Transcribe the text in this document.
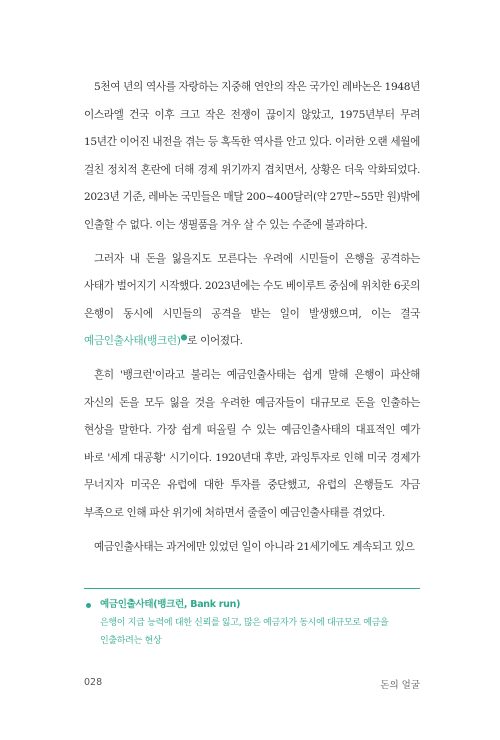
5천여 년의 역사를 자랑하는 지중해 연안의 작은 국가인 레바논은 1948년 이스라엘 건국 이후 크고 작은 전쟁이 끊이지 않았고, 1975년부터 무려 15년간 이어진 내전을 겪는 등 혹독한 역사를 안고 있다. 이러한 오랜 세월에 걸친 정치적 혼란에 더해 경제 위기까지 겹치면서, 상황은 더욱 악화되었다. 2023년 기준, 레바논 국민들은 매달 200~400달러(약 27만~55만 원)밖에 인출할 수 없다. 이는 생필품을 겨우 살 수 있는 수준에 불과하다.

그러자 내 돈을 잃을지도 모른다는 우려에 시민들이 은행을 공격하는 사태가 벌어지기 시작했다. 2023년에는 수도 베이루트 중심에 위치한 6곳의 은행이 동시에 시민들의 공격을 받는 일이 발생했으며, 이는 결국 예금인출사태(뱅크런)●로 이어졌다.

흔히 '뱅크런'이라고 불리는 예금인출사태는 쉽게 말해 은행이 파산해 자신의 돈을 모두 잃을 것을 우려한 예금자들이 대규모로 돈을 인출하는 현상을 말한다. 가장 쉽게 떠올릴 수 있는 예금인출사태의 대표적인 예가 바로 '세계 대공황' 시기이다. 1920년대 후반, 과잉투자로 인해 미국 경제가 무너지자 미국은 유럽에 대한 투자를 중단했고, 유럽의 은행들도 자금 부족으로 인해 파산 위기에 처하면서 줄줄이 예금인출사태를 겪었다.

예금인출사태는 과거에만 있었던 일이 아니라 21세기에도 계속되고 있으

예금인출사태(뱅크런, Bank run)

은행이 지급 능력에 대한 신뢰를 잃고, 많은 예금자가 동시에 대규모로 예금을 인출하려는 현상

028	돈의 얼굴
